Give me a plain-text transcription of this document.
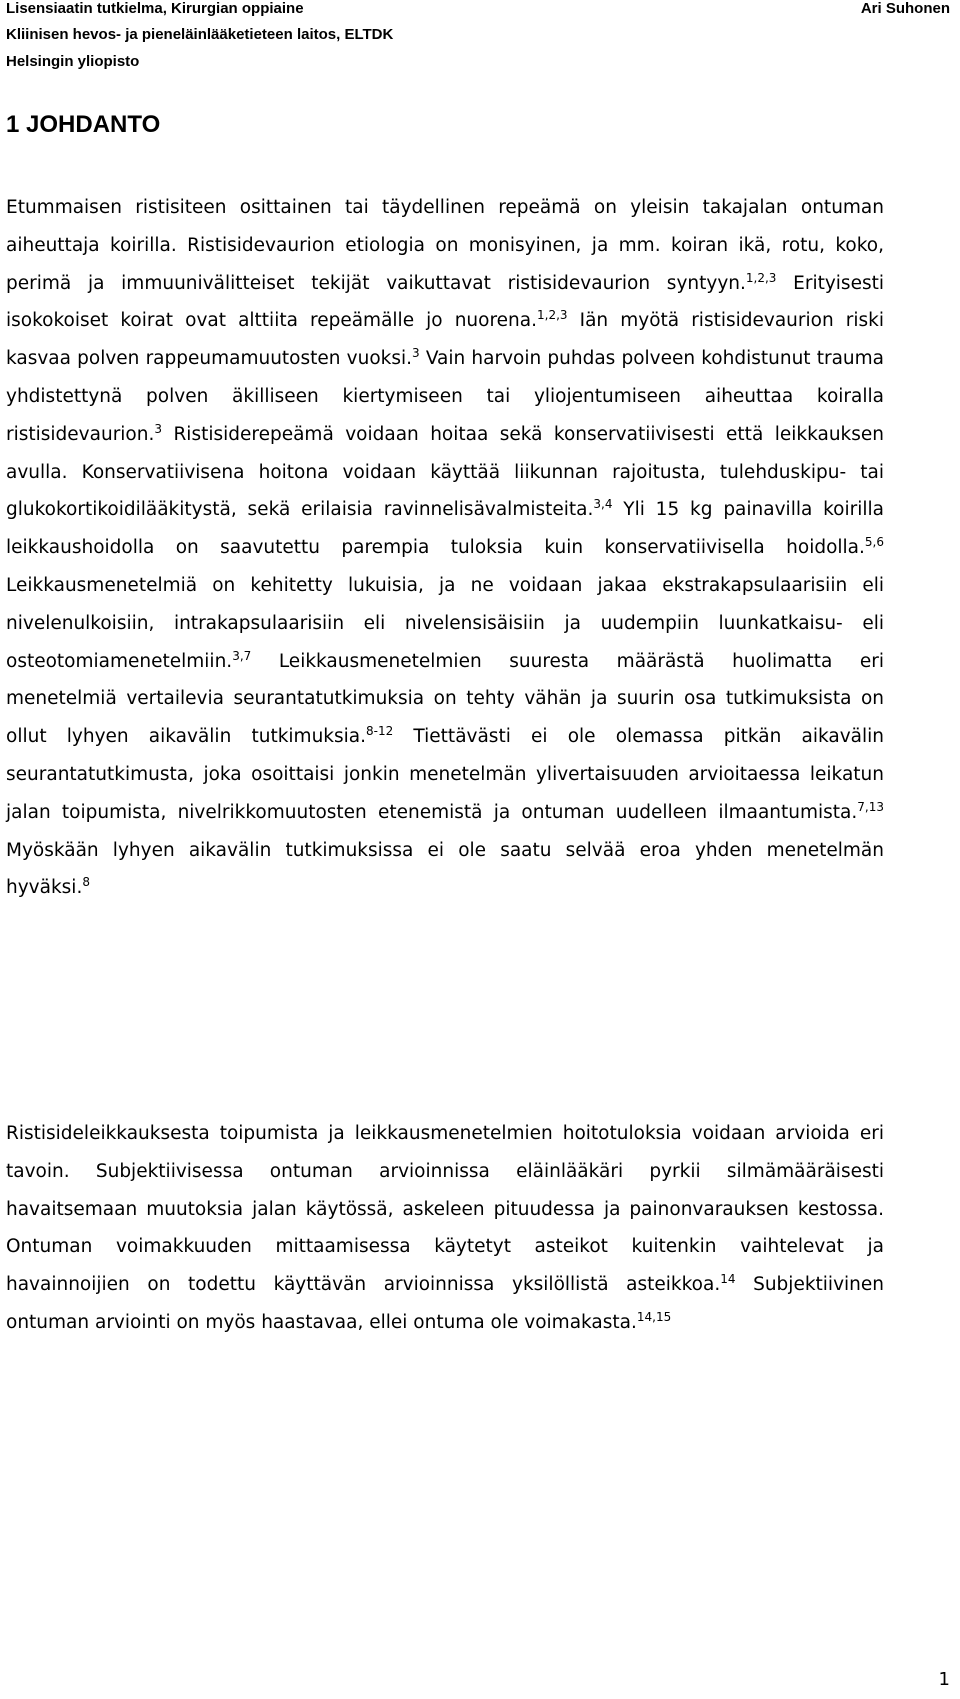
Lisensiaatin tutkielma, Kirurgian oppiaine
Kliinisen hevos- ja pieneläinlääketieteen laitos, ELTDK
Helsingin yliopisto
Ari Suhonen
1 JOHDANTO

Etummaisen ristisiteen osittainen tai täydellinen repeämä on yleisin takajalan ontuman aiheuttaja koirilla. Ristisidevaurion etiologia on monisyinen, ja mm. koiran ikä, rotu, koko, perimä ja immuunivälitteiset tekijät vaikuttavat ristisidevaurion syntyyn.$^{1,2,3}$ Erityisesti isokokoiset koirat ovat alttiita repeämälle jo nuorena.$^{1,2,3}$ Iän myötä ristisidevaurion riski kasvaa polven rappeumamuutosten vuoksi.$^3$ Vain harvoin puhdas polveen kohdistunut trauma yhdistettynä polven äkilliseen kiertymiseen tai yliojentumiseen aiheuttaa koiralla ristisidevaurion.$^3$ Ristisiderepeämä voidaan hoitaa sekä konservatiivisesti että leikkauksen avulla. Konservatiivisena hoitona voidaan käyttää liikunnan rajoitusta, tulehduskipu- tai glukokortikoidilääkitystä, sekä erilaisia ravinnelisävalmisteita.$^{3,4}$ Yli 15 kg painavilla koirilla leikkaushoidolla on saavutettu parempia tuloksia kuin konservatiivisella hoidolla.$^{5,6}$ Leikkausmenetelmiä on kehitetty lukuisia, ja ne voidaan jakaa ekstrakapsulaarisiin eli nivelenulkoisiin, intrakapsulaarisiin eli nivelensisäisiin ja uudempiin luunkatkaisu- eli osteotomiamenetelmiin.$^{3,7}$ Leikkausmenetelmien suuresta määrästä huolimatta eri menetelmiä vertailevia seurantatutkimuksia on tehty vähän ja suurin osa tutkimuksista on ollut lyhyen aikavälin tutkimuksia.$^{8-12}$ Tiettävästi ei ole olemassa pitkän aikavälin seurantatutkimusta, joka osoittaisi jonkin menetelmän ylivertaisuuden arvioitaessa leikatun jalan toipumista, nivelrikkomuutosten etenemistä ja ontuman uudelleen ilmaantumista.$^{7,13}$ Myöskään lyhyen aikavälin tutkimuksissa ei ole saatu selvää eroa yhden menetelmän hyväksi.$^8$

Ristisideleikkauksesta toipumista ja leikkausmenetelmien hoitotuloksia voidaan arvioida eri tavoin. Subjektiivisessa ontuman arvioinnissa eläinlääkäri pyrkii silmämääräisesti havaitsemaan muutoksia jalan käytössä, askeleen pituudessa ja painonvarauksen kestossa. Ontuman voimakkuuden mittaamisessa käytetyt asteikot kuitenkin vaihtelevat ja havainnoijien on todettu käyttävän arvioinnissa yksilöllistä asteikkoa.$^{14}$ Subjektiivinen ontuman arviointi on myös haastavaa, ellei ontuma ole voimakasta.$^{14,15}$

1
